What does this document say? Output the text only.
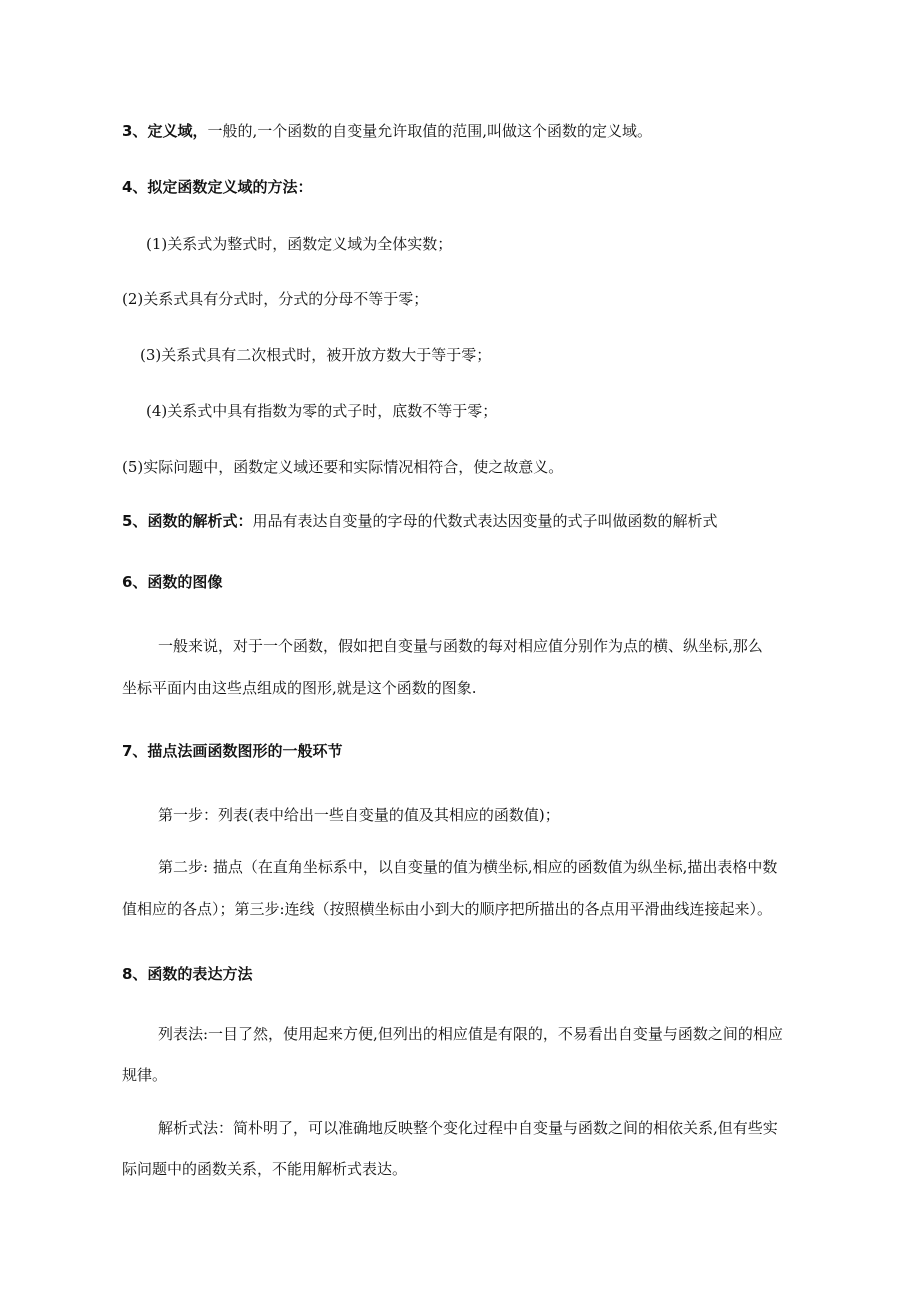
3、定义域，一般的,一个函数的自变量允许取值的范围,叫做这个函数的定义域。

4、拟定函数定义域的方法：

(1)关系式为整式时，函数定义域为全体实数；

(2)关系式具有分式时，分式的分母不等于零；

(3)关系式具有二次根式时，被开放方数大于等于零；

(4)关系式中具有指数为零的式子时，底数不等于零；

(5)实际问题中，函数定义域还要和实际情况相符合，使之故意义。

5、函数的解析式：用品有表达自变量的字母的代数式表达因变量的式子叫做函数的解析式

6、函数的图像

一般来说，对于一个函数，假如把自变量与函数的每对相应值分别作为点的横、纵坐标,那么

坐标平面内由这些点组成的图形,就是这个函数的图象.

7、描点法画函数图形的一般环节

第一步：列表(表中给出一些自变量的值及其相应的函数值)；

第二步: 描点（在直角坐标系中，以自变量的值为横坐标,相应的函数值为纵坐标,描出表格中数

值相应的各点）；第三步:连线（按照横坐标由小到大的顺序把所描出的各点用平滑曲线连接起来）。

8、函数的表达方法

列表法:一目了然，使用起来方便,但列出的相应值是有限的，不易看出自变量与函数之间的相应

规律。

解析式法：简朴明了，可以准确地反映整个变化过程中自变量与函数之间的相依关系,但有些实

际问题中的函数关系，不能用解析式表达。
